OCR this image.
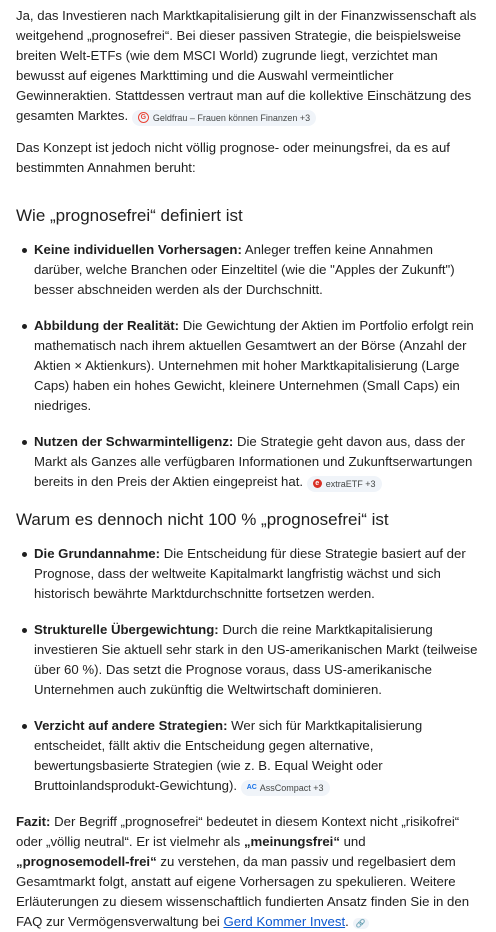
Ja, das Investieren nach Marktkapitalisierung gilt in der Finanzwissenschaft als weitgehend „prognosefrei“. Bei dieser passiven Strategie, die beispielsweise breiten Welt-ETFs (wie dem MSCI World) zugrunde liegt, verzichtet man bewusst auf eigenes Markttiming und die Auswahl vermeintlicher Gewinneraktien. Stattdessen vertraut man auf die kollektive Einschätzung des gesamten Marktes.	G Geldfrau – Frauen können Finanzen +3

Das Konzept ist jedoch nicht völlig prognose- oder meinungsfrei, da es auf bestimmten Annahmen beruht:

Wie „prognosefrei“ definiert ist
Keine individuellen Vorhersagen: Anleger treffen keine Annahmen darüber, welche Branchen oder Einzeltitel (wie die "Apples der Zukunft") besser abschneiden werden als der Durchschnitt.
Abbildung der Realität: Die Gewichtung der Aktien im Portfolio erfolgt rein mathematisch nach ihrem aktuellen Gesamtwert an der Börse (Anzahl der Aktien × Aktienkurs). Unternehmen mit hoher Marktkapitalisierung (Large Caps) haben ein hohes Gewicht, kleinere Unternehmen (Small Caps) ein niedriges.
Nutzen der Schwarmintelligenz: Die Strategie geht davon aus, dass der Markt als Ganzes alle verfügbaren Informationen und Zukunftserwartungen bereits in den Preis der Aktien eingepreist hat.	e extraETF +3
Warum es dennoch nicht 100 % „prognosefrei“ ist
Die Grundannahme: Die Entscheidung für diese Strategie basiert auf der Prognose, dass der weltweite Kapitalmarkt langfristig wächst und sich historisch bewährte Marktdurchschnitte fortsetzen werden.
Strukturelle Übergewichtung: Durch die reine Marktkapitalisierung investieren Sie aktuell sehr stark in den US-amerikanischen Markt (teilweise über 60 %). Das setzt die Prognose voraus, dass US-amerikanische Unternehmen auch zukünftig die Weltwirtschaft dominieren.
Verzicht auf andere Strategien: Wer sich für Marktkapitalisierung entscheidet, fällt aktiv die Entscheidung gegen alternative, bewertungsbasierte Strategien (wie z. B. Equal Weight oder Bruttoinlandsprodukt-Gewichtung). AC AssCompact +3

Fazit: Der Begriff „prognosefrei“ bedeutet in diesem Kontext nicht „risikofrei“ oder „völlig neutral“. Er ist vielmehr als „meinungsfrei“ und „prognosemodell-frei“ zu verstehen, da man passiv und regelbasiert dem Gesamtmarkt folgt, anstatt auf eigene Vorhersagen zu spekulieren. Weitere Erläuterungen zu diesem wissenschaftlich fundierten Ansatz finden Sie in den FAQ zur Vermögensverwaltung bei Gerd Kommer Invest. 🔗
